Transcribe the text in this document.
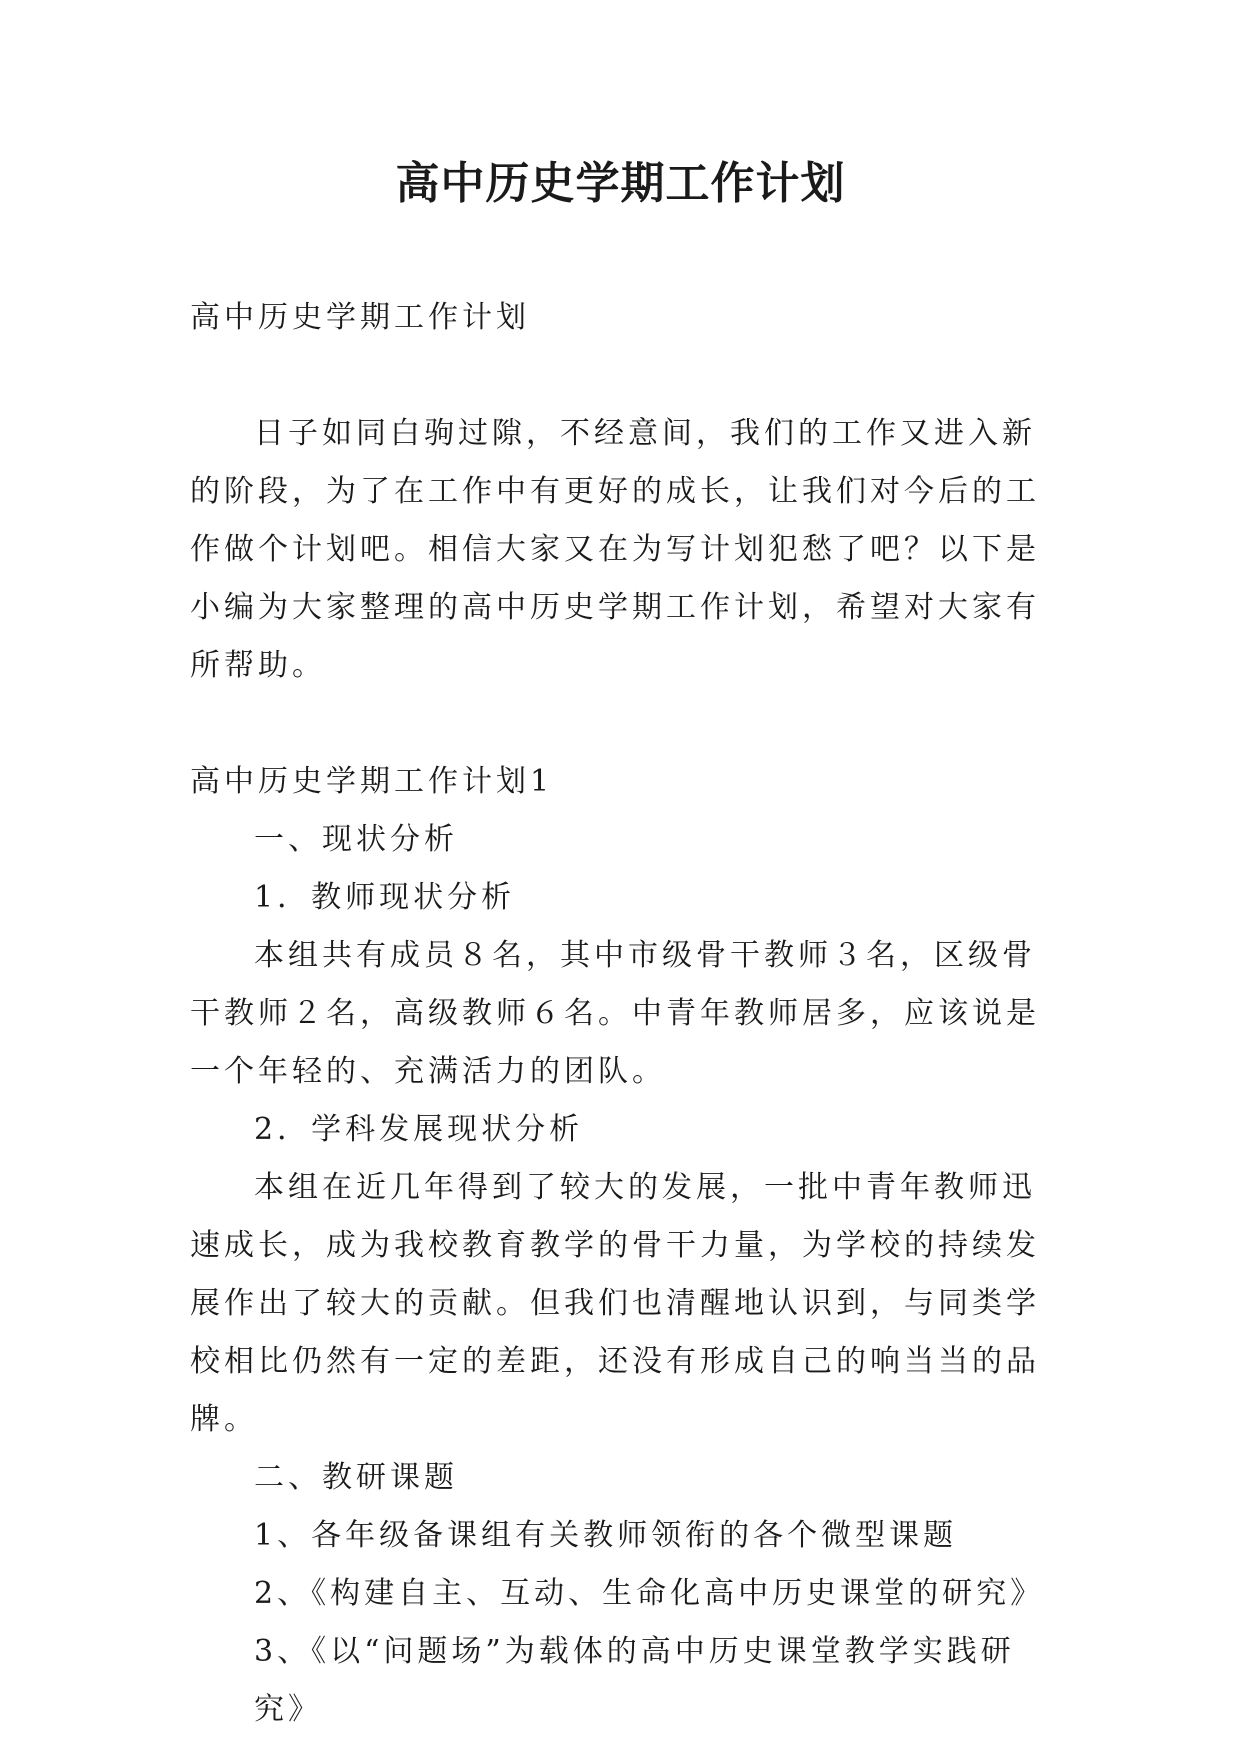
高中历史学期工作计划

高中历史学期工作计划

日子如同白驹过隙，不经意间，我们的工作又进入新的阶段，为了在工作中有更好的成长，让我们对今后的工作做个计划吧。相信大家又在为写计划犯愁了吧？以下是小编为大家整理的高中历史学期工作计划，希望对大家有所帮助。

高中历史学期工作计划1

一、现状分析

1．教师现状分析

本组共有成员８名，其中市级骨干教师３名，区级骨干教师２名，高级教师６名。中青年教师居多，应该说是一个年轻的、充满活力的团队。

2．学科发展现状分析

本组在近几年得到了较大的发展，一批中青年教师迅速成长，成为我校教育教学的骨干力量，为学校的持续发展作出了较大的贡献。但我们也清醒地认识到，与同类学校相比仍然有一定的差距，还没有形成自己的响当当的品牌。

二、教研课题

1、各年级备课组有关教师领衔的各个微型课题

2、《构建自主、互动、生命化高中历史课堂的研究》

3、《以“问题场”为载体的高中历史课堂教学实践研究》
